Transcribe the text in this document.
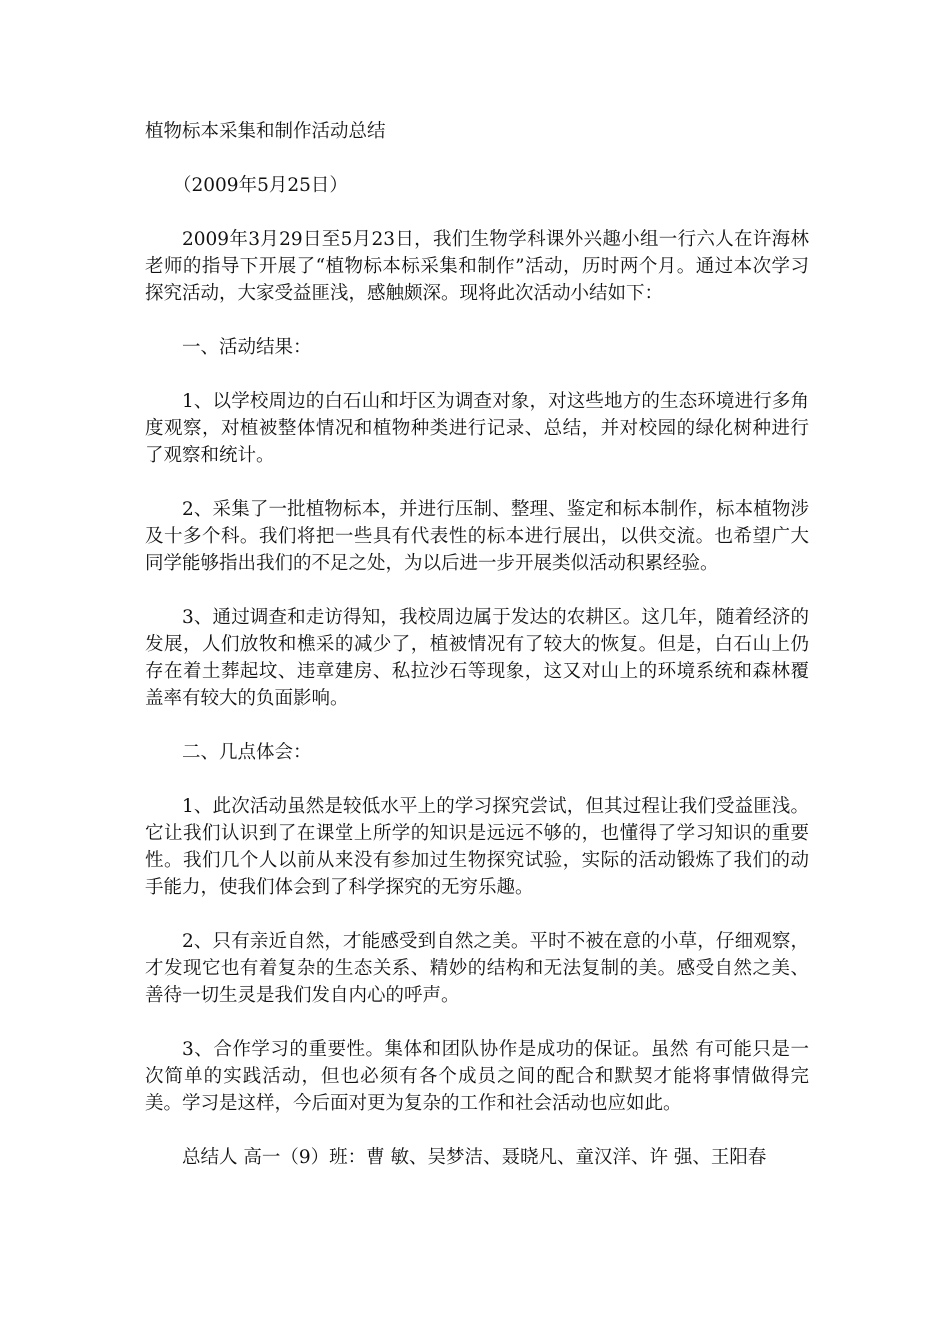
植物标本采集和制作活动总结

（2009年5月25日）

2009年3月29日至5月23日，我们生物学科课外兴趣小组一行六人在许海林老师的指导下开展了“植物标本标采集和制作”活动，历时两个月。通过本次学习探究活动，大家受益匪浅，感触颇深。现将此次活动小结如下：

一、活动结果：

1、以学校周边的白石山和圩区为调查对象，对这些地方的生态环境进行多角度观察，对植被整体情况和植物种类进行记录、总结，并对校园的绿化树种进行了观察和统计。

2、采集了一批植物标本，并进行压制、整理、鉴定和标本制作，标本植物涉及十多个科。我们将把一些具有代表性的标本进行展出，以供交流。也希望广大同学能够指出我们的不足之处，为以后进一步开展类似活动积累经验。

3、通过调查和走访得知，我校周边属于发达的农耕区。这几年，随着经济的发展，人们放牧和樵采的减少了，植被情况有了较大的恢复。但是，白石山上仍存在着土葬起坟、违章建房、私拉沙石等现象，这又对山上的环境系统和森林覆盖率有较大的负面影响。

二、几点体会：

1、此次活动虽然是较低水平上的学习探究尝试，但其过程让我们受益匪浅。它让我们认识到了在课堂上所学的知识是远远不够的，也懂得了学习知识的重要性。我们几个人以前从来没有参加过生物探究试验，实际的活动锻炼了我们的动手能力，使我们体会到了科学探究的无穷乐趣。

2、只有亲近自然，才能感受到自然之美。平时不被在意的小草，仔细观察，才发现它也有着复杂的生态关系、精妙的结构和无法复制的美。感受自然之美、善待一切生灵是我们发自内心的呼声。

3、合作学习的重要性。集体和团队协作是成功的保证。虽然 有可能只是一次简单的实践活动，但也必须有各个成员之间的配合和默契才能将事情做得完美。学习是这样，今后面对更为复杂的工作和社会活动也应如此。

总结人 高一（9）班：曹 敏、吴梦洁、聂晓凡、童汉洋、许 强、王阳春
